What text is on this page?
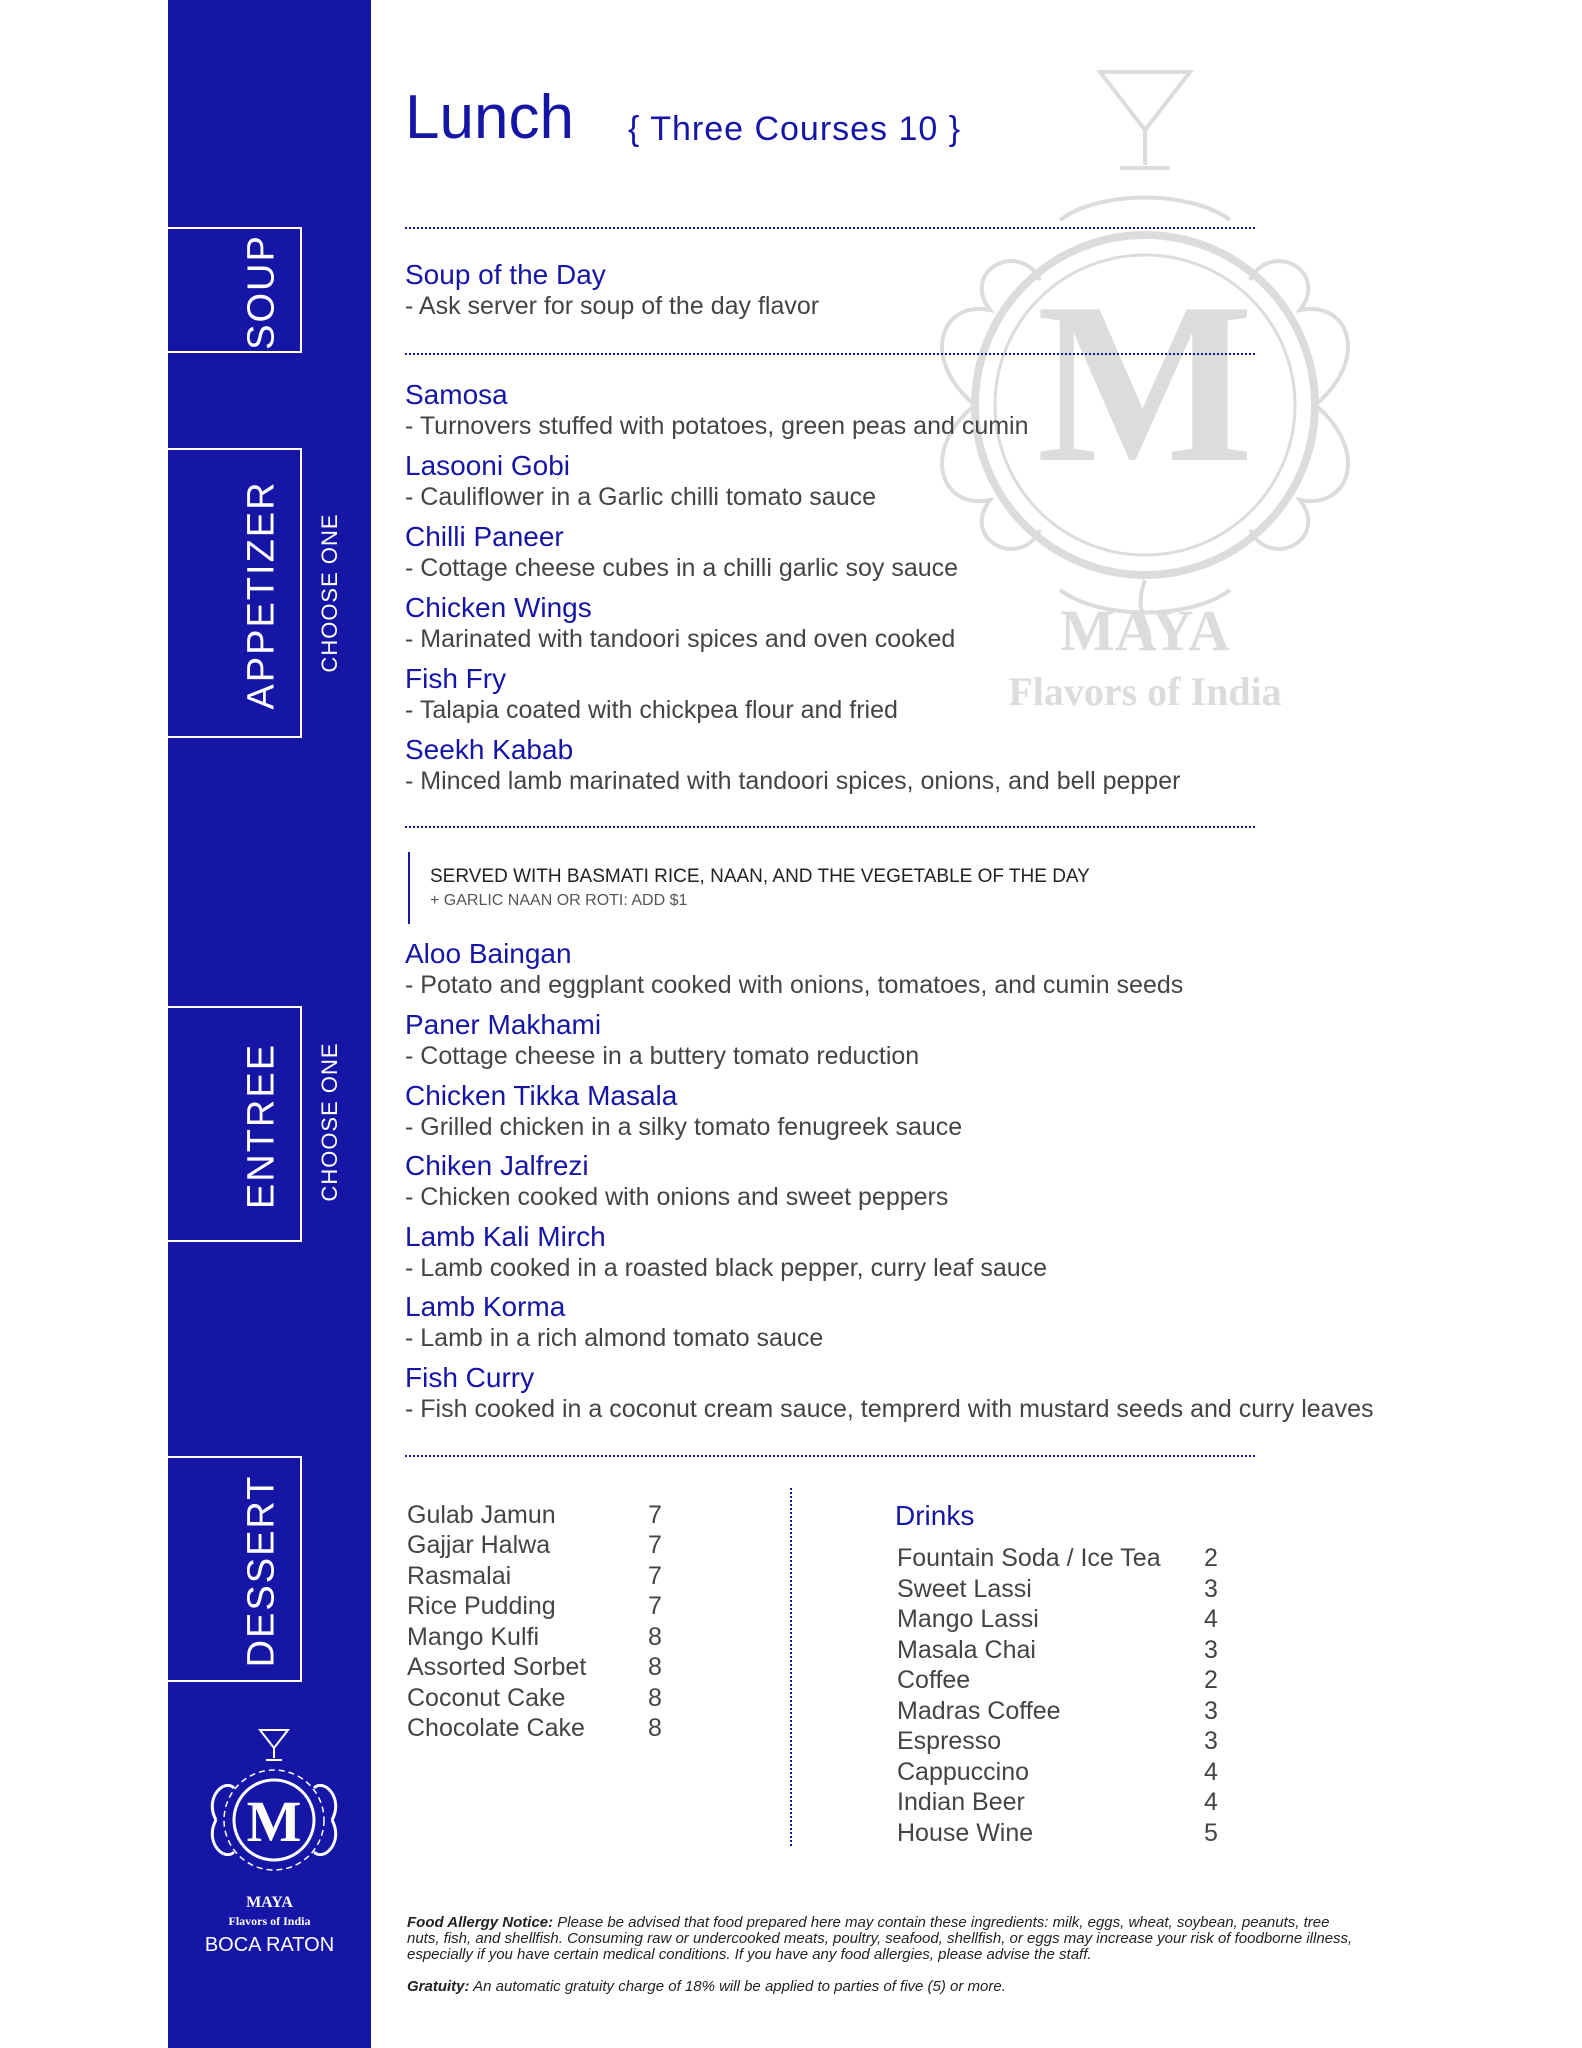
SOUP
APPETIZER CHOOSE ONE
ENTREE CHOOSE ONE
DESSERT
M
MAYA
Flavors of India
BOCA RATON
M
MAYA
Flavors of India
Lunch { Three Courses 10 }
Soup of the Day
- Ask server for soup of the day flavor
Samosa
- Turnovers stuffed with potatoes, green peas and cumin
Lasooni Gobi
- Cauliflower in a Garlic chilli tomato sauce
Chilli Paneer
- Cottage cheese cubes in a chilli garlic soy sauce
Chicken Wings
- Marinated with tandoori spices and oven cooked
Fish Fry
- Talapia coated with chickpea flour and fried
Seekh Kabab
- Minced lamb marinated with tandoori spices, onions, and bell pepper
SERVED WITH BASMATI RICE, NAAN, AND THE VEGETABLE OF THE DAY
+ GARLIC NAAN OR ROTI: ADD $1
Aloo Baingan
- Potato and eggplant cooked with onions, tomatoes, and cumin seeds
Paner Makhami
- Cottage cheese in a buttery tomato reduction
Chicken Tikka Masala
- Grilled chicken in a silky tomato fenugreek sauce
Chiken Jalfrezi
- Chicken cooked with onions and sweet peppers
Lamb Kali Mirch
- Lamb cooked in a roasted black pepper, curry leaf sauce
Lamb Korma
- Lamb in a rich almond tomato sauce
Fish Curry
- Fish cooked in a coconut cream sauce, temprerd with mustard seeds and curry leaves
Gulab Jamun	7
Gajjar Halwa	7
Rasmalai	7
Rice Pudding	7
Mango Kulfi	8
Assorted Sorbet 8
Coconut Cake	8
Chocolate Cake	8
Drinks
Fountain Soda / Ice Tea 2
Sweet Lassi	3
Mango Lassi	4
Masala Chai	3
Coffee	2
Madras Coffee	3
Espresso	3
Cappuccino	4
Indian Beer	4
House Wine	5
Food Allergy Notice: Please be advised that food prepared here may contain these ingredients: milk, eggs, wheat, soybean, peanuts, tree nuts, fish, and shellfish. Consuming raw or undercooked meats, poultry, seafood, shellfish, or eggs may increase your risk of foodborne illness, especially if you have certain medical conditions. If you have any food allergies, please advise the staff.
Gratuity: An automatic gratuity charge of 18% will be applied to parties of five (5) or more.
